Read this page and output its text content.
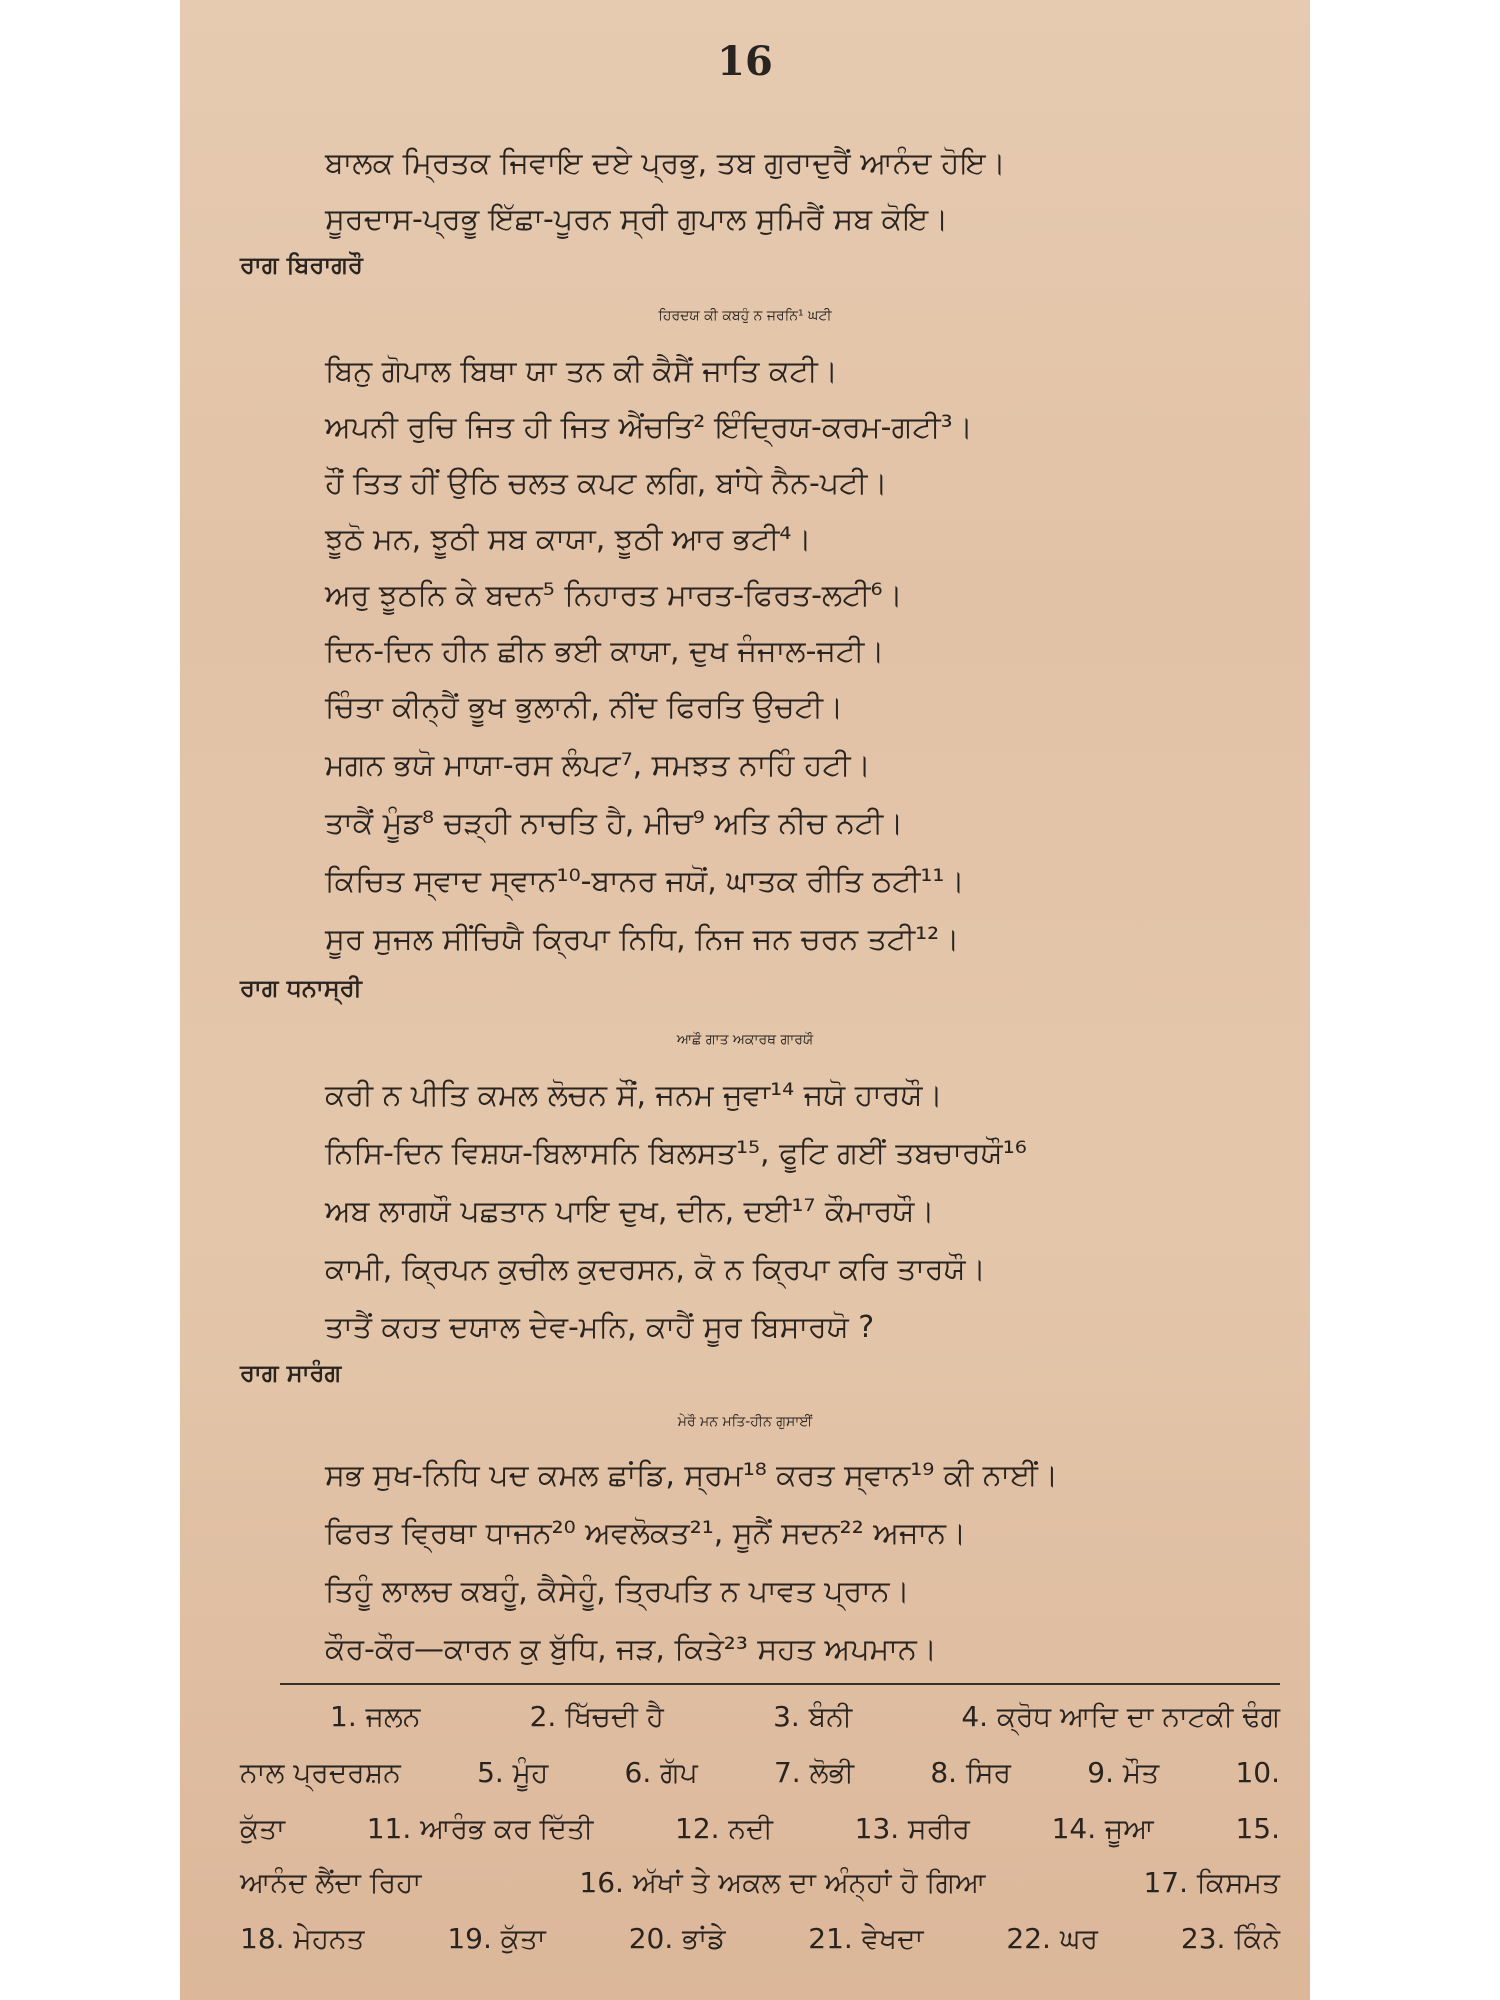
16
ਬਾਲਕ ਮ੍ਰਿਤਕ ਜਿਵਾਇ ਦਏ ਪ੍ਰਭੁ, ਤਬ ਗੁਰਾਦੁਰੈਂ ਆਨੰਦ ਹੋਇ।
ਸੂਰਦਾਸ-ਪ੍ਰਭੂ ਇੱਛਾ-ਪੂਰਨ ਸ੍ਰੀ ਗੁਪਾਲ ਸੁਮਿਰੈਂ ਸਬ ਕੋਇ।
ਰਾਗ ਬਿਰਾਗਰੌ
ਹਿਰਦਯ ਕੀ ਕਬਹੁੰ ਨ ਜਰਨਿ¹ ਘਟੀ
ਬਿਨੁ ਗੋਪਾਲ ਬਿਥਾ ਯਾ ਤਨ ਕੀ ਕੈਸੈਂ ਜਾਤਿ ਕਟੀ।
ਅਪਨੀ ਰੁਚਿ ਜਿਤ ਹੀ ਜਿਤ ਐਂਚਤਿ² ਇੰਦ੍ਰਿਯ-ਕਰਮ-ਗਟੀ³।
ਹੌਂ ਤਿਤ ਹੀਂ ਉਠਿ ਚਲਤ ਕਪਟ ਲਗਿ, ਬਾਂਧੇ ਨੈਨ-ਪਟੀ।
ਝੂਠੋ ਮਨ, ਝੂਠੀ ਸਬ ਕਾਯਾ, ਝੂਠੀ ਆਰ ਭਟੀ⁴।
ਅਰੁ ਝੂਠਨਿ ਕੇ ਬਦਨ⁵ ਨਿਹਾਰਤ ਮਾਰਤ-ਫਿਰਤ-ਲਟੀ⁶।
ਦਿਨ-ਦਿਨ ਹੀਨ ਛੀਨ ਭਈ ਕਾਯਾ, ਦੁਖ ਜੰਜਾਲ-ਜਟੀ।
ਚਿੰਤਾ ਕੀਨ੍ਹੈਂ ਭੂਖ ਭੁਲਾਨੀ, ਨੀਂਦ ਫਿਰਤਿ ਉਚਟੀ।
ਮਗਨ ਭਯੋ ਮਾਯਾ-ਰਸ ਲੰਪਟ⁷, ਸਮਝਤ ਨਾਹਿੰ ਹਟੀ।
ਤਾਕੈਂ ਮੂੰਡ⁸ ਚੜ੍ਹੀ ਨਾਚਤਿ ਹੈ, ਮੀਚ⁹ ਅਤਿ ਨੀਚ ਨਟੀ।
ਕਿਚਿਤ ਸ੍ਵਾਦ ਸ੍ਵਾਨ¹⁰-ਬਾਨਰ ਜਯੋਂ, ਘਾਤਕ ਰੀਤਿ ਠਟੀ¹¹।
ਸੂਰ ਸੁਜਲ ਸੀਂਚਿਯੈ ਕ੍ਰਿਪਾ ਨਿਧਿ, ਨਿਜ ਜਨ ਚਰਨ ਤਟੀ¹²।
ਰਾਗ ਧਨਾਸ੍ਰੀ
ਆਛੌ ਗਾਤ ਅਕਾਰਥ ਗਾਰਯੌ
ਕਰੀ ਨ ਪੀਤਿ ਕਮਲ ਲੋਚਨ ਸੌਂ, ਜਨਮ ਜੁਵਾ¹⁴ ਜਯੋ ਹਾਰਯੌ।
ਨਿਸਿ-ਦਿਨ ਵਿਸ਼ਯ-ਬਿਲਾਸਨਿ ਬਿਲਸਤ¹⁵, ਫੂਟਿ ਗਈਂ ਤਬਚਾਰਯੌ¹⁶
ਅਬ ਲਾਗਯੌ ਪਛਤਾਨ ਪਾਇ ਦੁਖ, ਦੀਨ, ਦਈ¹⁷ ਕੌਮਾਰਯੌ।
ਕਾਮੀ, ਕ੍ਰਿਪਨ ਕੁਚੀਲ ਕੁਦਰਸਨ, ਕੋ ਨ ਕ੍ਰਿਪਾ ਕਰਿ ਤਾਰਯੌ।
ਤਾਤੈਂ ਕਹਤ ਦਯਾਲ ਦੇਵ-ਮਨਿ, ਕਾਹੈਂ ਸੂਰ ਬਿਸਾਰਯੋ ?
ਰਾਗ ਸਾਰੰਗ
ਮੇਰੌ ਮਨ ਮਤਿ-ਹੀਨ ਗੁਸਾਈਂ
ਸਭ ਸੁਖ-ਨਿਧਿ ਪਦ ਕਮਲ ਛਾਂਡਿ, ਸ੍ਰਮ¹⁸ ਕਰਤ ਸ੍ਵਾਨ¹⁹ ਕੀ ਨਾਈਂ।
ਫਿਰਤ ਵ੍ਰਿਥਾ ਧਾਜਨ²⁰ ਅਵਲੋਕਤ²¹, ਸੂਨੈਂ ਸਦਨ²² ਅਜਾਨ।
ਤਿਹੂੰ ਲਾਲਚ ਕਬਹੂੰ, ਕੈਸੇਹੂੰ, ਤ੍ਰਿਪਤਿ ਨ ਪਾਵਤ ਪ੍ਰਾਨ।
ਕੌਰ-ਕੌਰ—ਕਾਰਨ ਕੁ ਬੁੱਧਿ, ਜੜ, ਕਿਤੇ²³ ਸਹਤ ਅਪਮਾਨ।
1. ਜਲਨ	2. ਖਿੱਚਦੀ ਹੈ	3. ਬੰਨੀ	4. ਕ੍ਰੋਧ ਆਦਿ ਦਾ ਨਾਟਕੀ ਢੰਗ
ਨਾਲ ਪ੍ਰਦਰਸ਼ਨ	5. ਮੂੰਹ	6. ਗੱਪ	7. ਲੋਭੀ	8. ਸਿਰ	9. ਮੌਤ	10.
ਕੁੱਤਾ	11. ਆਰੰਭ ਕਰ ਦਿੱਤੀ	12. ਨਦੀ	13. ਸਰੀਰ	14. ਜੂਆ	15.
ਆਨੰਦ ਲੈਂਦਾ ਰਿਹਾ	16. ਅੱਖਾਂ ਤੇ ਅਕਲ ਦਾ ਅੰਨ੍ਹਾਂ ਹੋ ਗਿਆ	17. ਕਿਸਮਤ
18. ਮੇਹਨਤ	19. ਕੁੱਤਾ	20. ਭਾਂਡੇ	21. ਵੇਖਦਾ	22. ਘਰ	23. ਕਿੰਨੇ
